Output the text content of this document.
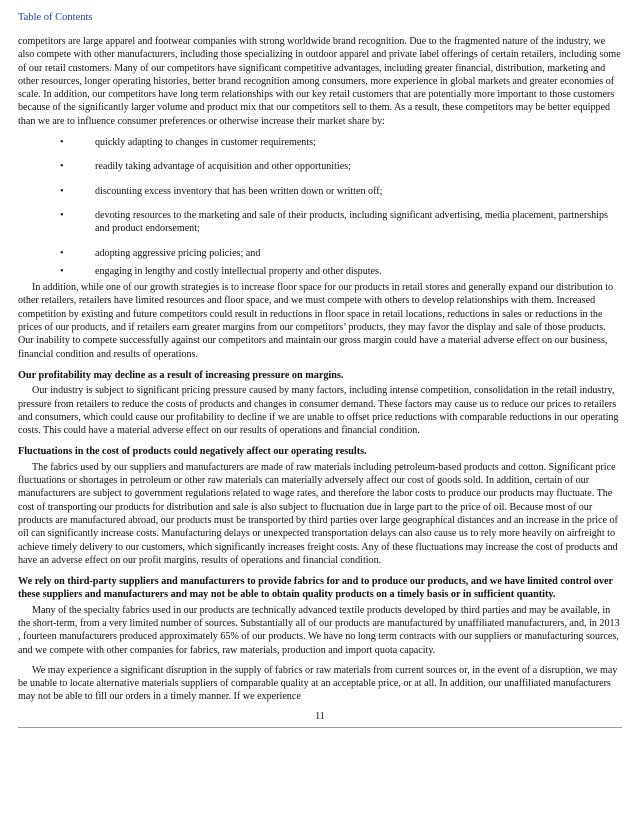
Table of Contents

competitors are large apparel and footwear companies with strong worldwide brand recognition. Due to the fragmented nature of the industry, we also compete with other manufacturers, including those specializing in outdoor apparel and private label offerings of certain retailers, including some of our retail customers. Many of our competitors have significant competitive advantages, including greater financial, distribution, marketing and other resources, longer operating histories, better brand recognition among consumers, more experience in global markets and greater economies of scale. In addition, our competitors have long term relationships with our key retail customers that are potentially more important to those customers because of the significantly larger volume and product mix that our competitors sell to them. As a result, these competitors may be better equipped than we are to influence consumer preferences or otherwise increase their market share by:

•	quickly adapting to changes in customer requirements;
•	readily taking advantage of acquisition and other opportunities;
•	discounting excess inventory that has been written down or written off;
•	devoting resources to the marketing and sale of their products, including significant advertising, media placement, partnerships and product endorsement;
•	adopting aggressive pricing policies; and
•	engaging in lengthy and costly intellectual property and other disputes.

In addition, while one of our growth strategies is to increase floor space for our products in retail stores and generally expand our distribution to other retailers, retailers have limited resources and floor space, and we must compete with others to develop relationships with them. Increased competition by existing and future competitors could result in reductions in floor space in retail locations, reductions in sales or reductions in the prices of our products, and if retailers earn greater margins from our competitors’ products, they may favor the display and sale of those products. Our inability to compete successfully against our competitors and maintain our gross margin could have a material adverse effect on our business, financial condition and results of operations.

Our profitability may decline as a result of increasing pressure on margins.

Our industry is subject to significant pricing pressure caused by many factors, including intense competition, consolidation in the retail industry, pressure from retailers to reduce the costs of products and changes in consumer demand. These factors may cause us to reduce our prices to retailers and consumers, which could cause our profitability to decline if we are unable to offset price reductions with comparable reductions in our operating costs. This could have a material adverse effect on our results of operations and financial condition.

Fluctuations in the cost of products could negatively affect our operating results.

The fabrics used by our suppliers and manufacturers are made of raw materials including petroleum-based products and cotton. Significant price fluctuations or shortages in petroleum or other raw materials can materially adversely affect our cost of goods sold. In addition, certain of our manufacturers are subject to government regulations related to wage rates, and therefore the labor costs to produce our products may fluctuate. The cost of transporting our products for distribution and sale is also subject to fluctuation due in large part to the price of oil. Because most of our products are manufactured abroad, our products must be transported by third parties over large geographical distances and an increase in the price of oil can significantly increase costs. Manufacturing delays or unexpected transportation delays can also cause us to rely more heavily on airfreight to achieve timely delivery to our customers, which significantly increases freight costs. Any of these fluctuations may increase the cost of products and have an adverse effect on our profit margins, results of operations and financial condition.

We rely on third-party suppliers and manufacturers to provide fabrics for and to produce our products, and we have limited control over these suppliers and manufacturers and may not be able to obtain quality products on a timely basis or in sufficient quantity.

Many of the specialty fabrics used in our products are technically advanced textile products developed by third parties and may be available, in the short-term, from a very limited number of sources. Substantially all of our products are manufactured by unaffiliated manufacturers, and, in 2013 , fourteen manufacturers produced approximately 65% of our products. We have no long term contracts with our suppliers or manufacturing sources, and we compete with other companies for fabrics, raw materials, production and import quota capacity.

We may experience a significant disruption in the supply of fabrics or raw materials from current sources or, in the event of a disruption, we may be unable to locate alternative materials suppliers of comparable quality at an acceptable price, or at all. In addition, our unaffiliated manufacturers may not be able to fill our orders in a timely manner. If we experience

11
